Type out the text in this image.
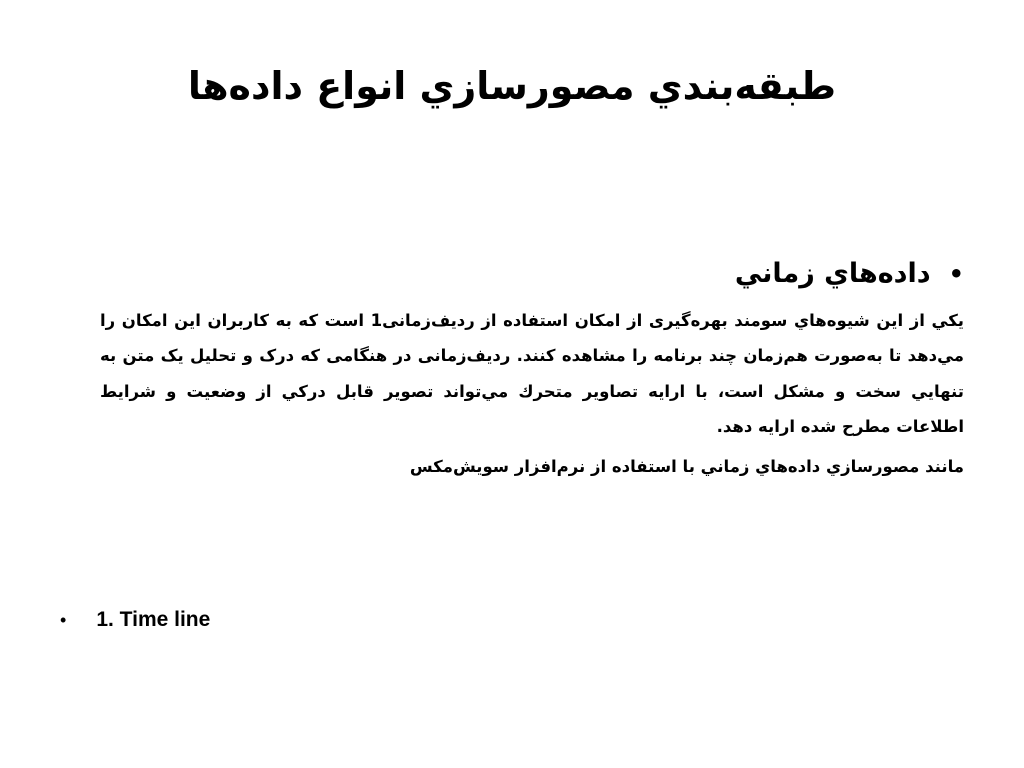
طبقه‌بندي مصورسازي انواع داده‌ها
•داده‌هاي زماني
يكي از اين شيوه‌هاي سومند بهره‌گيری از امكان استفاده از رديف‌زمانی1 است كه به كاربران اين امكان را مي‌دهد تا به‌صورت هم‌زمان چند برنامه را مشاهده كنند. رديف‌زمانی در هنگامی كه درک و تحليل يک متن به تنهايي سخت و مشكل است، با ارايه تصاوير متحرك مي‌تواند تصوير قابل دركي از وضعيت و شرايط اطلاعات مطرح شده ارايه دهد.
مانند مصورسازي داده‌هاي زماني با استفاده از نرم‌افزار سويش‌مكس
• 1. Time line
